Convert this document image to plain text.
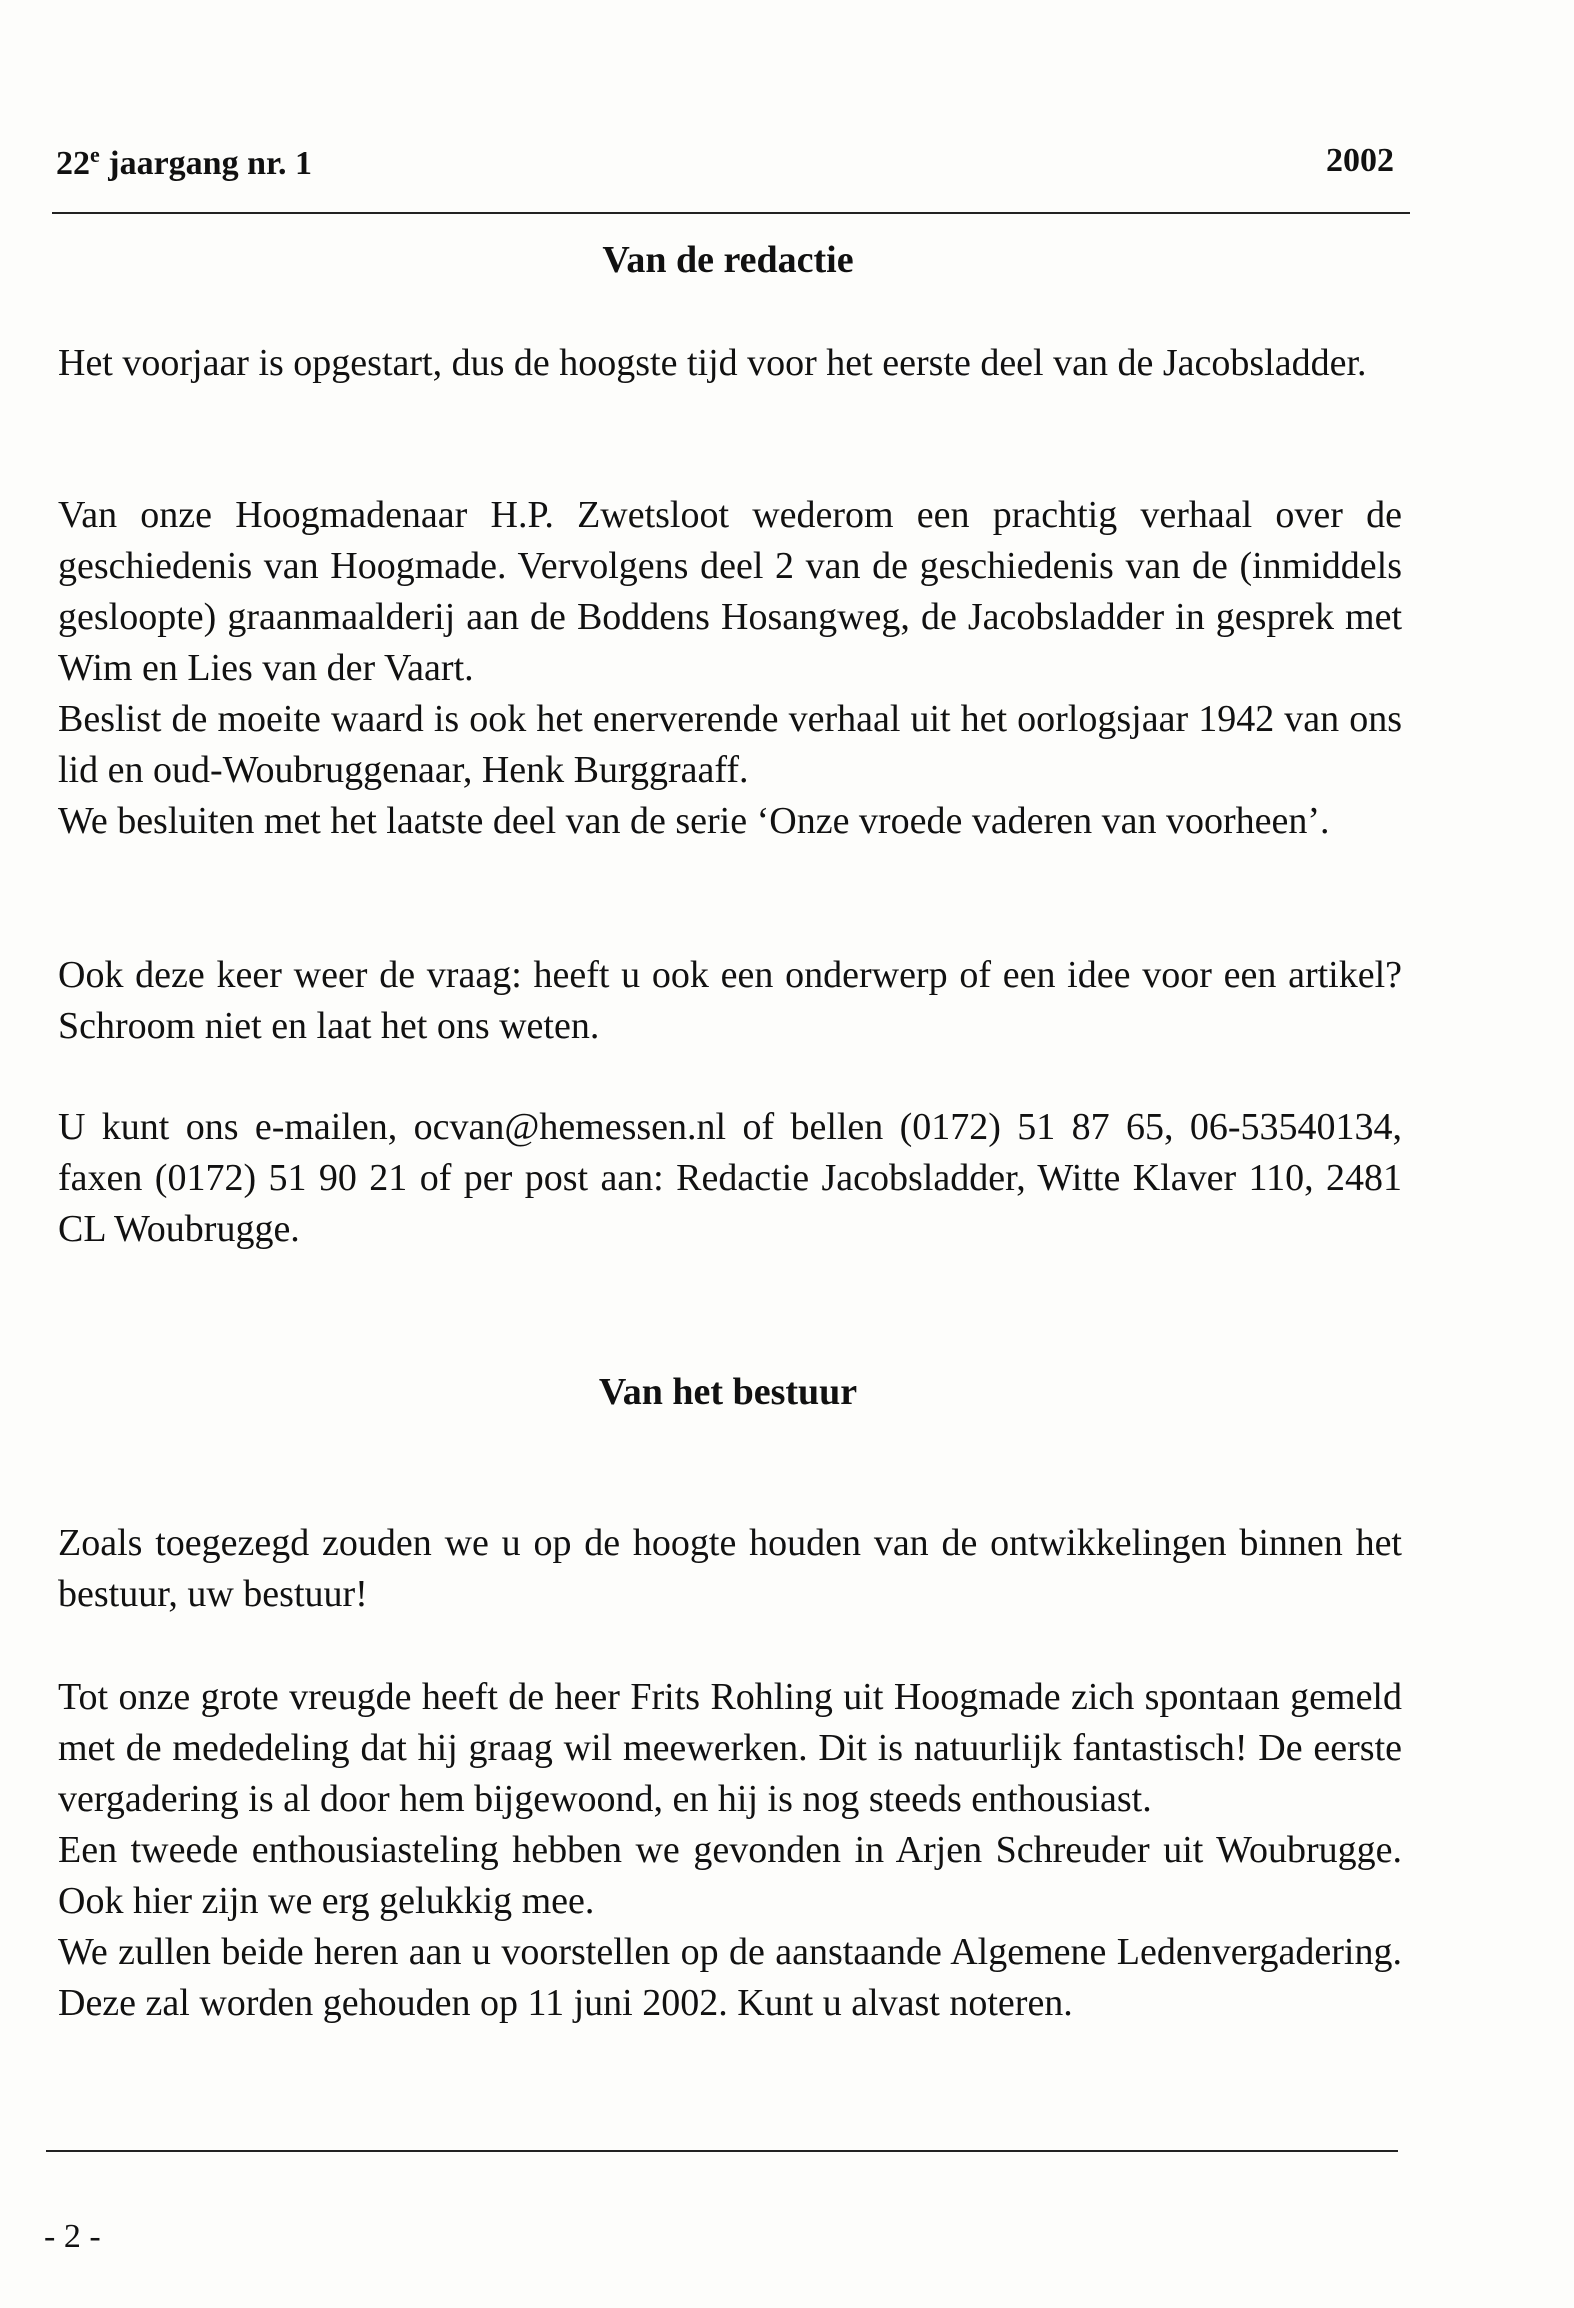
22e jaargang nr. 1	2002
Van de redactie

Het voorjaar is opgestart, dus de hoogste tijd voor het eerste deel van de Jacobsladder.

Van onze Hoogmadenaar H.P. Zwetsloot wederom een prachtig verhaal over de geschiedenis van Hoogmade. Vervolgens deel 2 van de geschiedenis van de (inmiddels gesloopte) graanmaalderij aan de Boddens Hosangweg, de Jacobsladder in gesprek met Wim en Lies van der Vaart.

Beslist de moeite waard is ook het enerverende verhaal uit het oorlogsjaar 1942 van ons lid en oud-Woubruggenaar, Henk Burggraaff.

We besluiten met het laatste deel van de serie ‘Onze vroede vaderen van voorheen’.

Ook deze keer weer de vraag: heeft u ook een onderwerp of een idee voor een artikel? Schroom niet en laat het ons weten.

U kunt ons e-mailen, ocvan@hemessen.nl of bellen (0172) 51 87 65, 06-53540134, faxen (0172) 51 90 21 of per post aan: Redactie Jacobsladder, Witte Klaver 110, 2481 CL Woubrugge.

Van het bestuur

Zoals toegezegd zouden we u op de hoogte houden van de ontwikkelingen binnen het bestuur, uw bestuur!

Tot onze grote vreugde heeft de heer Frits Rohling uit Hoogmade zich spontaan gemeld met de mededeling dat hij graag wil meewerken. Dit is natuurlijk fantastisch! De eerste vergadering is al door hem bijgewoond, en hij is nog steeds enthousiast.

Een tweede enthousiasteling hebben we gevonden in Arjen Schreuder uit Woubrugge. Ook hier zijn we erg gelukkig mee.

We zullen beide heren aan u voorstellen op de aanstaande Algemene Ledenvergadering. Deze zal worden gehouden op 11 juni 2002. Kunt u alvast noteren.

- 2 -
